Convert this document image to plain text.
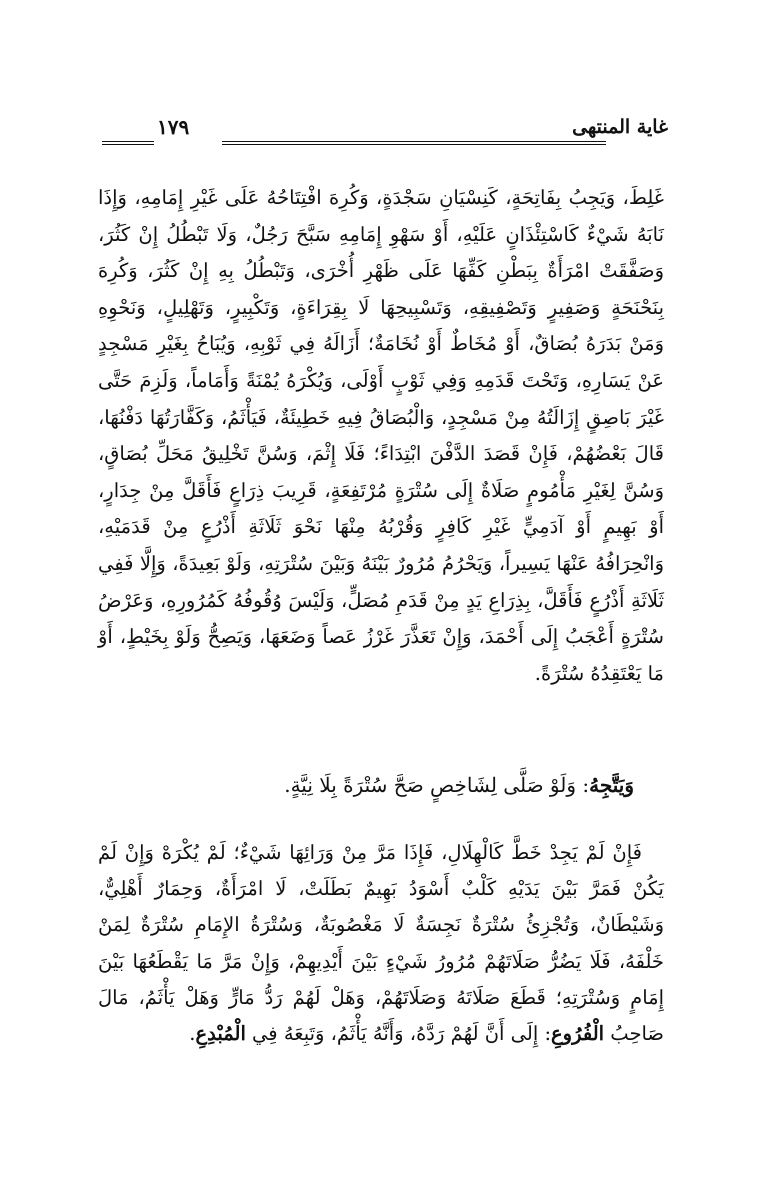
غاية المنتهى
١٧٩

غَلِطَ، وَيَجِبُ بِفَاتِحَةٍ، كَنِسْيَانِ سَجْدَةٍ، وَكُرِهَ افْتِتَاحُهُ عَلَى غَيْرِ إِمَامِهِ، وَإِذَا نَابَهُ شَيْءٌ كَاسْتِئْذَانٍ عَلَيْهِ، أَوْ سَهْوِ إِمَامِهِ سَبَّحَ رَجُلٌ، وَلَا تَبْطُلُ إِنْ كَثُرَ، وَصَفَّقَتْ امْرَأَةٌ بِبَطْنِ كَفِّهَا عَلَى ظَهْرِ أُخْرَى، وَتَبْطُلُ بِهِ إِنْ كَثُرَ، وَكُرِهَ بِنَحْنَحَةٍ وَصَفِيرٍ وَتَصْفِيقِهِ، وَتَسْبِيحِهَا لَا بِقِرَاءَةٍ، وَتَكْبِيرٍ، وَتَهْلِيلٍ، وَنَحْوِهِ وَمَنْ بَدَرَهُ بُصَاقٌ، أَوْ مُخَاطٌ أَوْ نُخَامَةٌ؛ أَزَالَهُ فِي ثَوْبِهِ، وَيُبَاحُ بِغَيْرِ مَسْجِدٍ عَنْ يَسَارِهِ، وَتَحْتَ قَدَمِهِ وَفِي ثَوْبٍ أَوْلَى، وَيُكْرَهُ يُمْنَةً وَأَمَاماً، وَلَزِمَ حَتَّى غَيْرَ بَاصِقٍ إِزَالَتُهُ مِنْ مَسْجِدٍ، وَالْبُصَاقُ فِيهِ خَطِيئَةٌ، فَيَأْثَمُ، وَكَفَّارَتُهَا دَفْنُهَا، قَالَ بَعْضُهُمْ، فَإِنْ قَصَدَ الدَّفْنَ ابْتِدَاءً؛ فَلَا إِثْمَ، وَسُنَّ تَخْلِيقُ مَحَلِّ بُصَاقٍ، وَسُنَّ لِغَيْرِ مَأْمُومٍ صَلَاةٌ إِلَى سُتْرَةٍ مُرْتَفِعَةٍ، قَرِيبَ ذِرَاعٍ فَأَقَلَّ مِنْ جِدَارٍ، أَوْ بَهِيمٍ أَوْ آدَمِيٍّ غَيْرِ كَافِرٍ وَقُرْبُهُ مِنْهَا نَحْوَ ثَلَاثَةِ أَذْرُعٍ مِنْ قَدَمَيْهِ، وَانْحِرَافُهُ عَنْهَا يَسِيراً، وَيَحْرُمُ مُرُورٌ بَيْنَهُ وَبَيْنَ سُتْرَتِهِ، وَلَوْ بَعِيدَةً، وَإِلَّا فَفِي ثَلَاثَةِ أَذْرُعٍ فَأَقَلَّ، بِذِرَاعِ يَدٍ مِنْ قَدَمِ مُصَلٍّ، وَلَيْسَ وُقُوفُهُ كَمُرُورِهِ، وَعَرْضُ سُتْرَةٍ أَعْجَبُ إِلَى أَحْمَدَ، وَإِنْ تَعَذَّرَ غَرْزُ عَصاً وَضَعَهَا، وَيَصِحُّ وَلَوْ بِخَيْطٍ، أَوْ مَا يَعْتَقِدُهُ سُتْرَةً.

وَيَتَّجِهُ: وَلَوْ صَلَّى لِشَاخِصٍ صَحَّ سُتْرَةً بِلَا نِيَّةٍ.
فَإِنْ لَمْ يَجِدْ خَطَّ كَالْهِلَالِ، فَإِذَا مَرَّ مِنْ وَرَائِهَا شَيْءٌ؛ لَمْ يُكْرَهْ وَإِنْ لَمْ يَكُنْ فَمَرَّ بَيْنَ يَدَيْهِ كَلْبٌ أَسْوَدُ بَهِيمٌ بَطَلَتْ، لَا امْرَأَةٌ، وَحِمَارٌ أَهْلِيٌّ، وَشَيْطَانٌ، وَتُجْزِئُ سُتْرَةٌ نَجِسَةٌ لَا مَغْصُوبَةٌ، وَسُتْرَةُ الإِمَامِ سُتْرَةٌ لِمَنْ خَلْفَهُ، فَلَا يَضُرُّ صَلَاتَهُمْ مُرُورُ شَيْءٍ بَيْنَ أَيْدِيهِمْ، وَإِنْ مَرَّ مَا يَقْطَعُهَا بَيْنَ إِمَامٍ وَسُتْرَتِهِ؛ قَطَعَ صَلَاتَهُ وَصَلَاتَهُمْ، وَهَلْ لَهُمْ رَدُّ مَارٍّ وَهَلْ يَأْثَمُ، مَالَ صَاحِبُ الْفُرُوعِ: إِلَى أَنَّ لَهُمْ رَدَّهُ، وَأَنَّهُ يَأْثَمُ، وَتَبِعَهُ فِي الْمُبْدِعِ.
